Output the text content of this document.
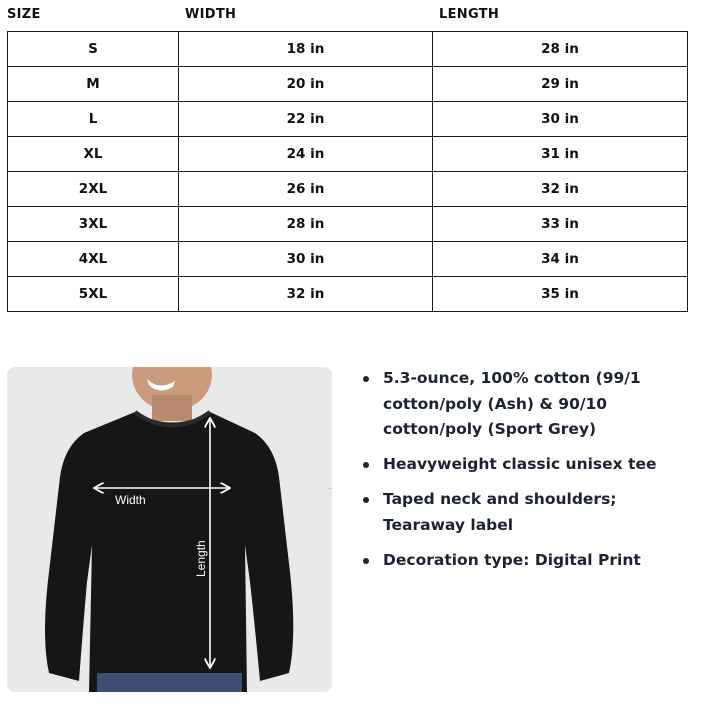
SIZE	WIDTH	LENGTH
S	18 in	28 in
M	20 in	29 in
L	22 in	30 in
XL	24 in	31 in
2XL	26 in	32 in
3XL	28 in	33 in
4XL	30 in	34 in
5XL	32 in	35 in
Width
Length
5.3-ounce, 100% cotton (99/1 cotton/poly (Ash) & 90/10 cotton/poly (Sport Grey)
Heavyweight classic unisex tee
Taped neck and shoulders; Tearaway label
Decoration type: Digital Print
